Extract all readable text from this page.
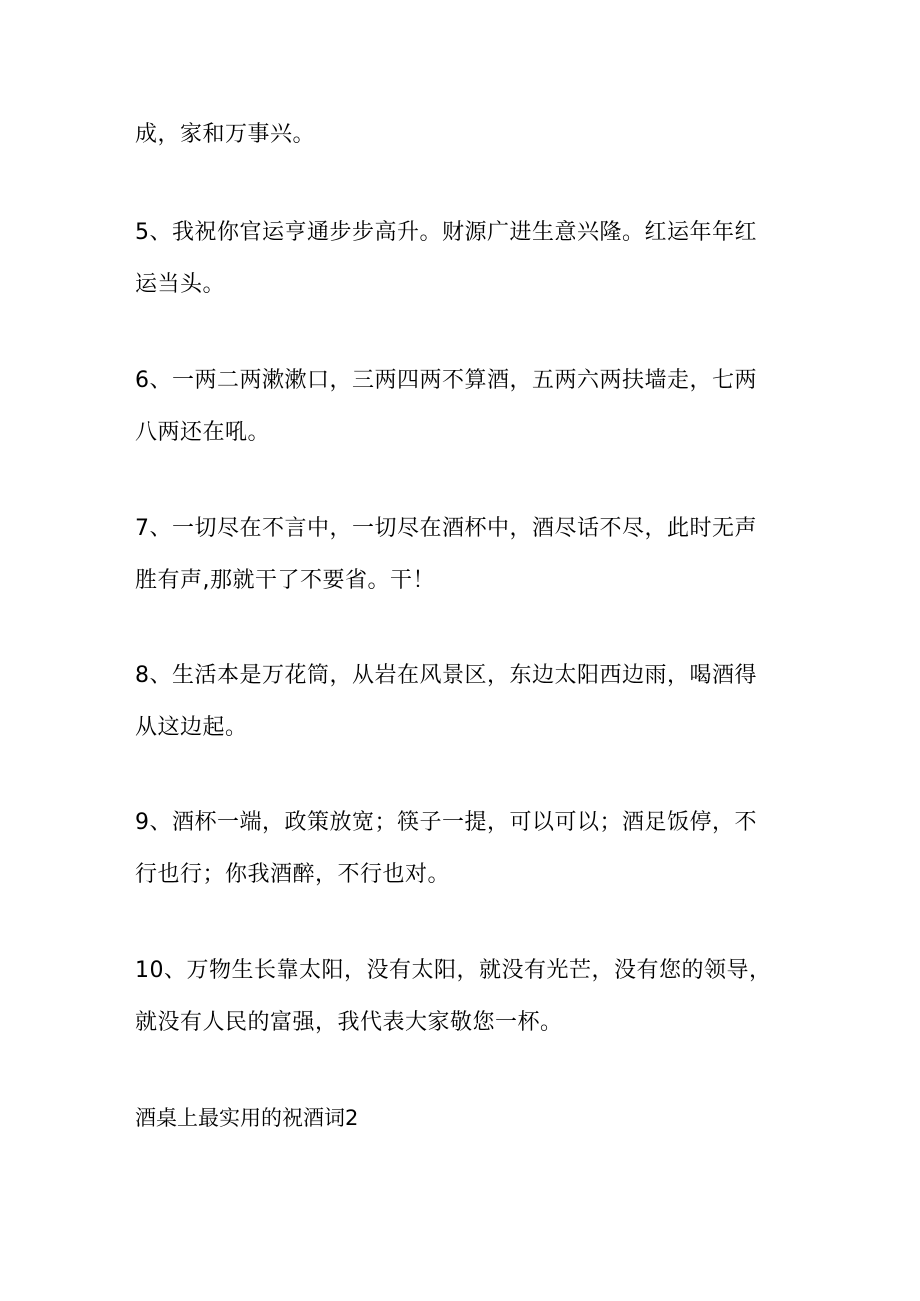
成，家和万事兴。
5、我祝你官运亨通步步高升。财源广进生意兴隆。红运年年红
运当头。
6、一两二两漱漱口，三两四两不算酒，五两六两扶墙走，七两
八两还在吼。
7、一切尽在不言中，一切尽在酒杯中，酒尽话不尽，此时无声
胜有声,那就干了不要省。干！
8、生活本是万花筒，从岩在风景区，东边太阳西边雨，喝酒得
从这边起。
9、酒杯一端，政策放宽；筷子一提，可以可以；酒足饭停，不
行也行；你我酒醉，不行也对。
10、万物生长靠太阳，没有太阳，就没有光芒，没有您的领导，
就没有人民的富强，我代表大家敬您一杯。
酒桌上最实用的祝酒词2
